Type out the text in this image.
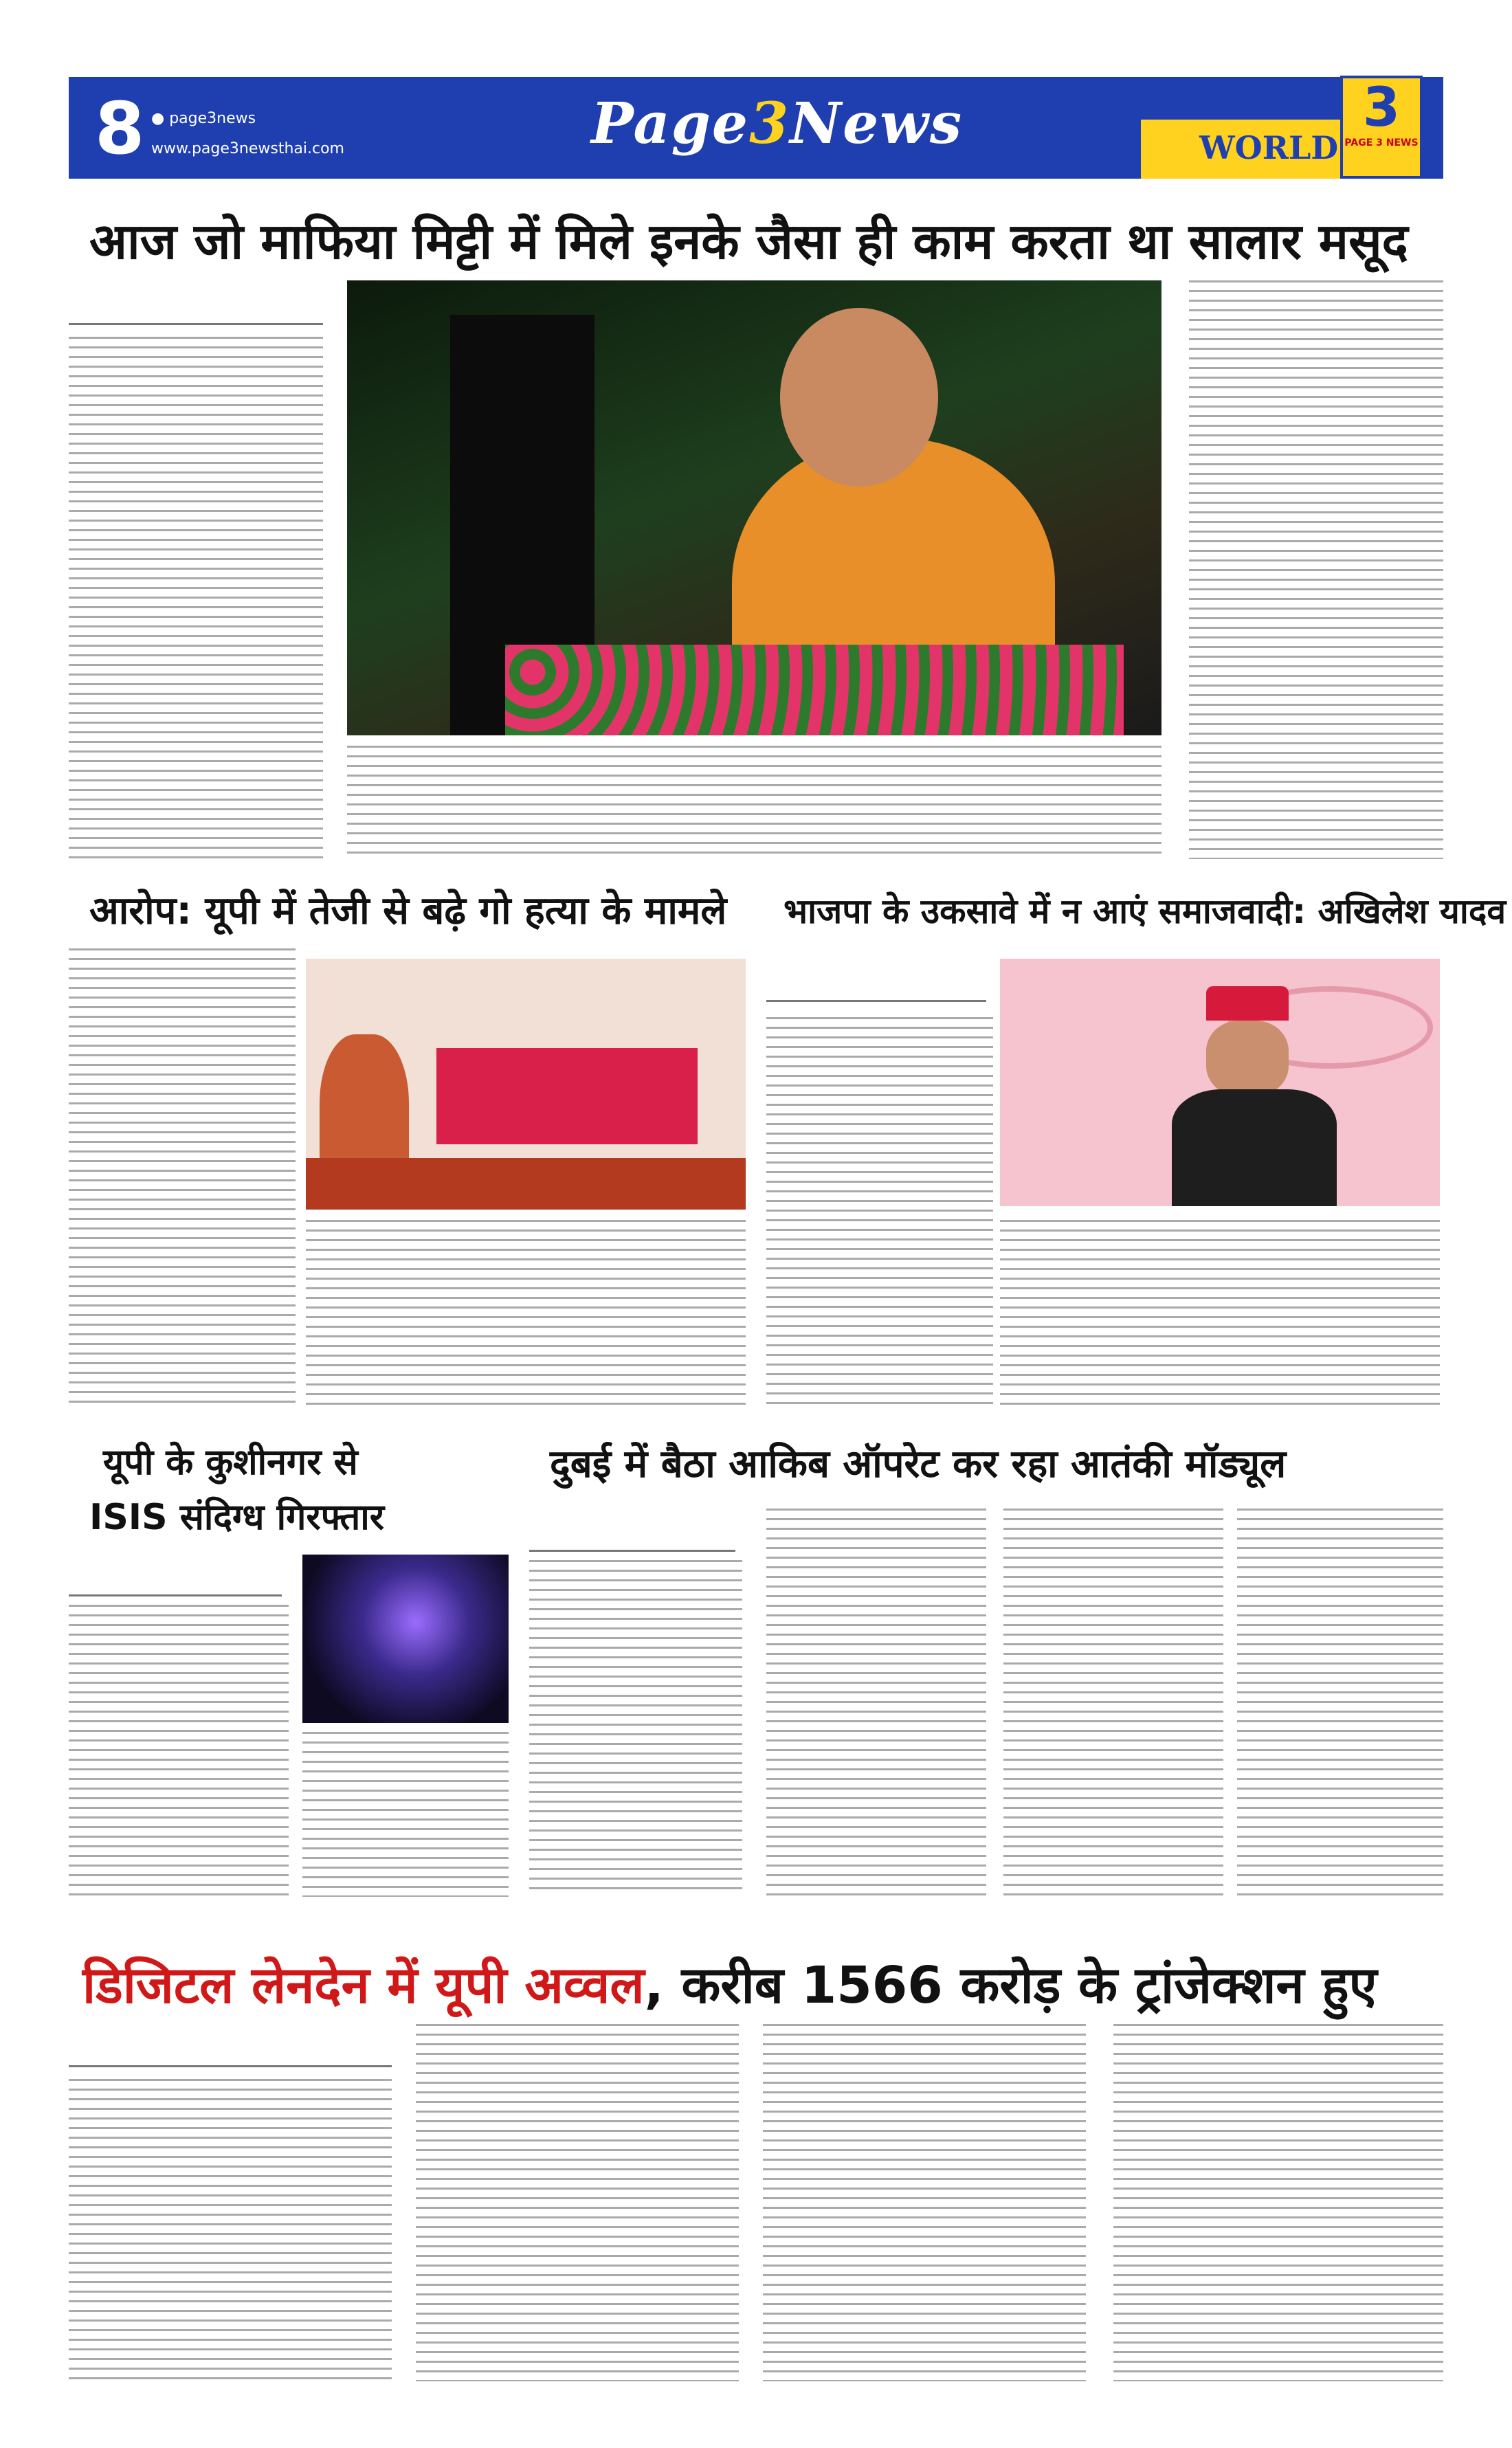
8 ● page3news
www.page3newsthai.com	Page3News	WORLD
3
PAGE 3 NEWS
आज जो माफिया मिट्टी में मिले इनके जैसा ही काम करता था सालार मसूद
आरोप: यूपी में तेजी से बढ़े गो हत्या के मामले भाजपा के उकसावे में न आएं समाजवादी: अखिलेश यादव
यूपी के कुशीनगर से
ISIS संदिग्ध गिरफ्तार
दुबई में बैठा आकिब ऑपरेट कर रहा आतंकी मॉड्यूल
डिजिटल लेनदेन में यूपी अव्वल, करीब 1566 करोड़ के ट्रांजेक्शन हुए
